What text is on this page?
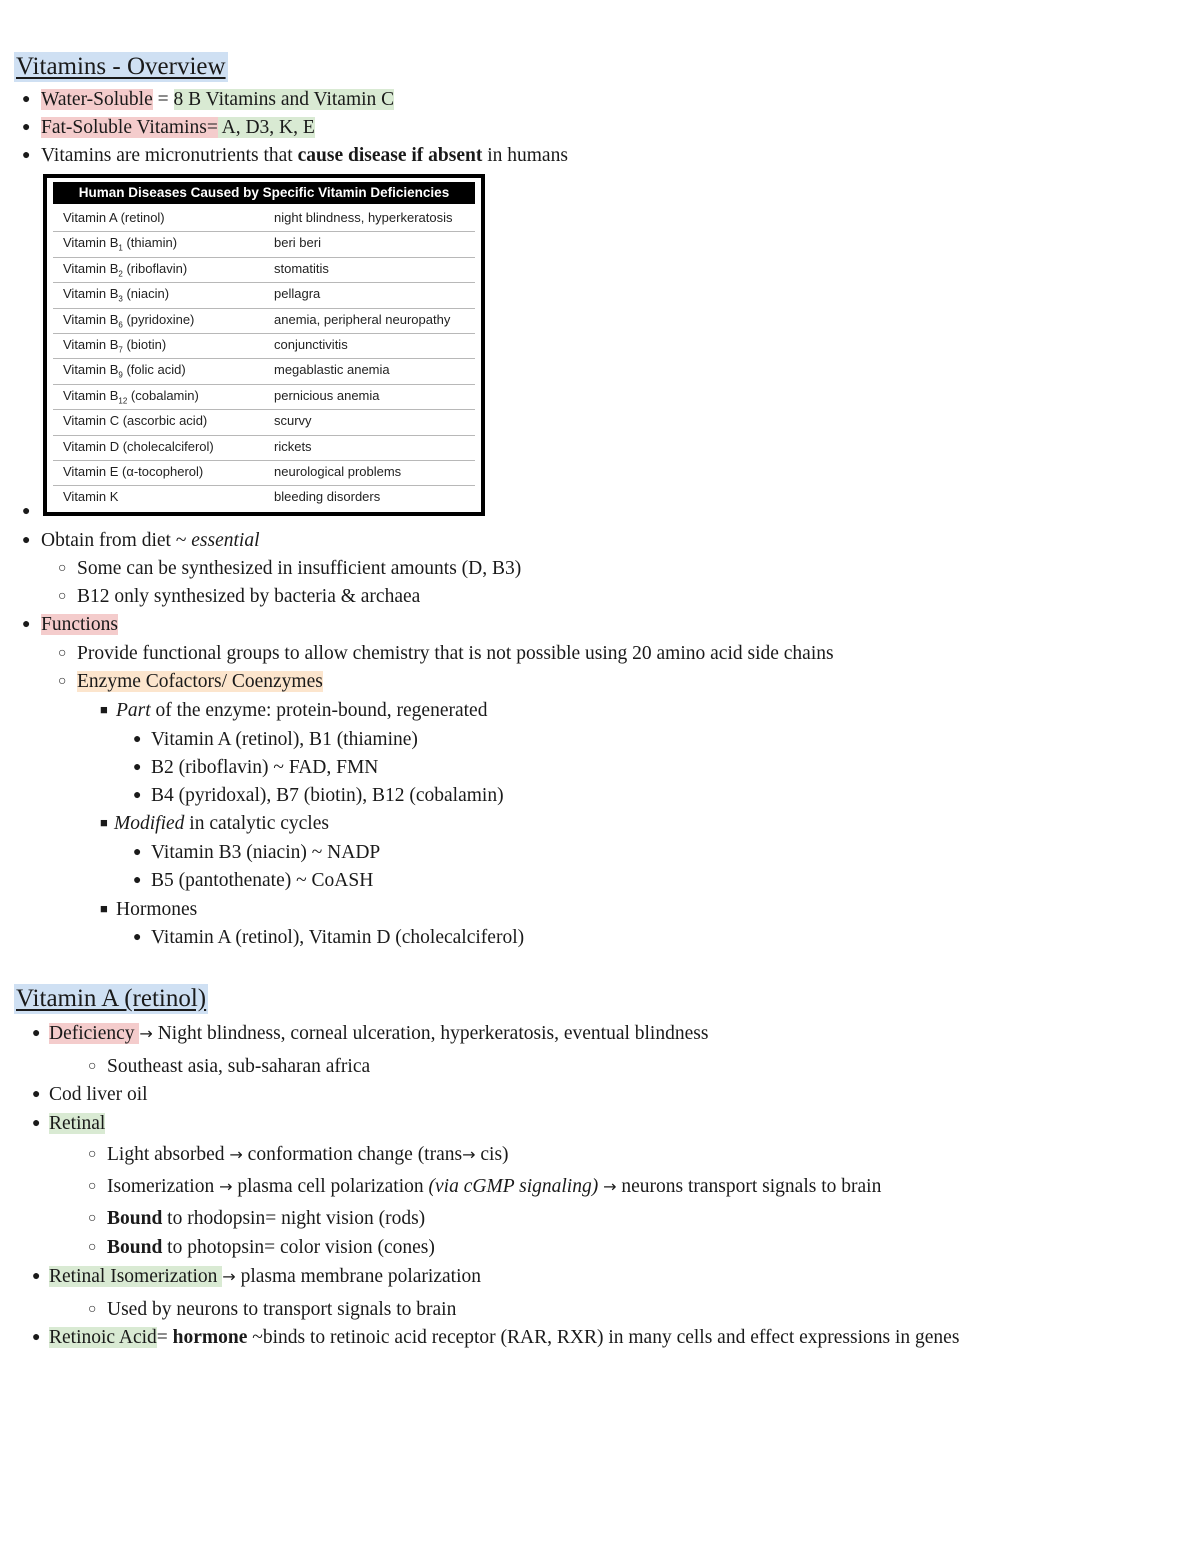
Vitamins - Overview
●Water-Soluble = 8 B Vitamins and Vitamin C
●Fat-Soluble Vitamins= A, D3, K, E
●Vitamins are micronutrients that cause disease if absent in humans
Human Diseases Caused by Specific Vitamin Deficiencies
Vitamin A (retinol)	night blindness, hyperkeratosis
Vitamin $B_1$ (thiamin)	beri beri
Vitamin $B_2$ (riboflavin)	stomatitis
Vitamin $B_3$ (niacin)	pellagra
Vitamin $B_6$ (pyridoxine)	anemia, peripheral neuropathy
Vitamin $B_7$ (biotin)	conjunctivitis
Vitamin $B_9$ (folic acid)	megablastic anemia
Vitamin $B_{12}$ (cobalamin)	pernicious anemia
Vitamin C (ascorbic acid)	scurvy
Vitamin D (cholecalciferol)	rickets
Vitamin E (α-tocopherol)	neurological problems
Vitamin K	bleeding disorders
●
●Obtain from diet ~ essential
○Some can be synthesized in insufficient amounts (D, B3)
○B12 only synthesized by bacteria & archaea
●Functions
○Provide functional groups to allow chemistry that is not possible using 20 amino acid side chains
○Enzyme Cofactors/ Coenzymes
■Part of the enzyme: protein-bound, regenerated
●Vitamin A (retinol), B1 (thiamine)
●B2 (riboflavin) ~ FAD, FMN
●B4 (pyridoxal), B7 (biotin), B12 (cobalamin)
■Modified in catalytic cycles
●Vitamin B3 (niacin) ~ NADP
●B5 (pantothenate) ~ CoASH
■Hormones
●Vitamin A (retinol), Vitamin D (cholecalciferol)
Vitamin A (retinol)
●Deficiency → Night blindness, corneal ulceration, hyperkeratosis, eventual blindness
○Southeast asia, sub-saharan africa
●Cod liver oil
●Retinal
○Light absorbed → conformation change (trans→ cis)
○Isomerization → plasma cell polarization (via cGMP signaling) → neurons transport signals to brain
○Bound to rhodopsin= night vision (rods)
○Bound to photopsin= color vision (cones)
●Retinal Isomerization → plasma membrane polarization
○Used by neurons to transport signals to brain
●Retinoic Acid= hormone ~binds to retinoic acid receptor (RAR, RXR) in many cells and effect expressions in genes
